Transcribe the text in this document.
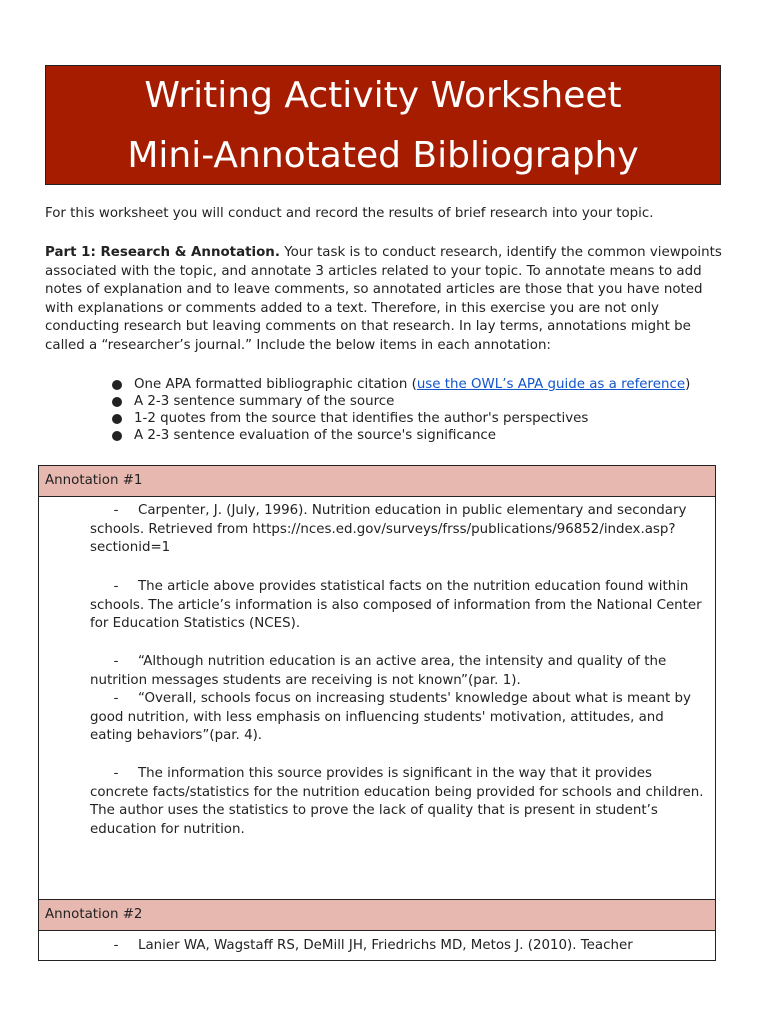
Writing Activity Worksheet
Mini-Annotated Bibliography
For this worksheet you will conduct and record the results of brief research into your topic.
Part 1: Research & Annotation. Your task is to conduct research, identify the common viewpoints associated with the topic, and annotate 3 articles related to your topic. To annotate means to add notes of explanation and to leave comments, so annotated articles are those that you have noted with explanations or comments added to a text. Therefore, in this exercise you are not only conducting research but leaving comments on that research. In lay terms, annotations might be called a “researcher’s journal.” Include the below items in each annotation:
One APA formatted bibliographic citation (use the OWL’s APA guide as a reference)
A 2-3 sentence summary of the source
1-2 quotes from the source that identifies the author's perspectives
A 2-3 sentence evaluation of the source's significance
Annotation #1
- Carpenter, J. (July, 1996). Nutrition education in public elementary and secondary
schools. Retrieved from https://nces.ed.gov/surveys/frss/publications/96852/index.asp?sectionid=1
- The article above provides statistical facts on the nutrition education found within
schools. The article’s information is also composed of information from the National Center for Education Statistics (NCES).
- “Although nutrition education is an active area, the intensity and quality of the
nutrition messages students are receiving is not known”(par. 1).
- “Overall, schools focus on increasing students' knowledge about what is meant by
good nutrition, with less emphasis on influencing students' motivation, attitudes, and eating behaviors”(par. 4).
- The information this source provides is significant in the way that it provides
concrete facts/statistics for the nutrition education being provided for schools and children. The author uses the statistics to prove the lack of quality that is present in student’s education for nutrition.
Annotation #2
- Lanier WA, Wagstaff RS, DeMill JH, Friedrichs MD, Metos J. (2010). Teacher
